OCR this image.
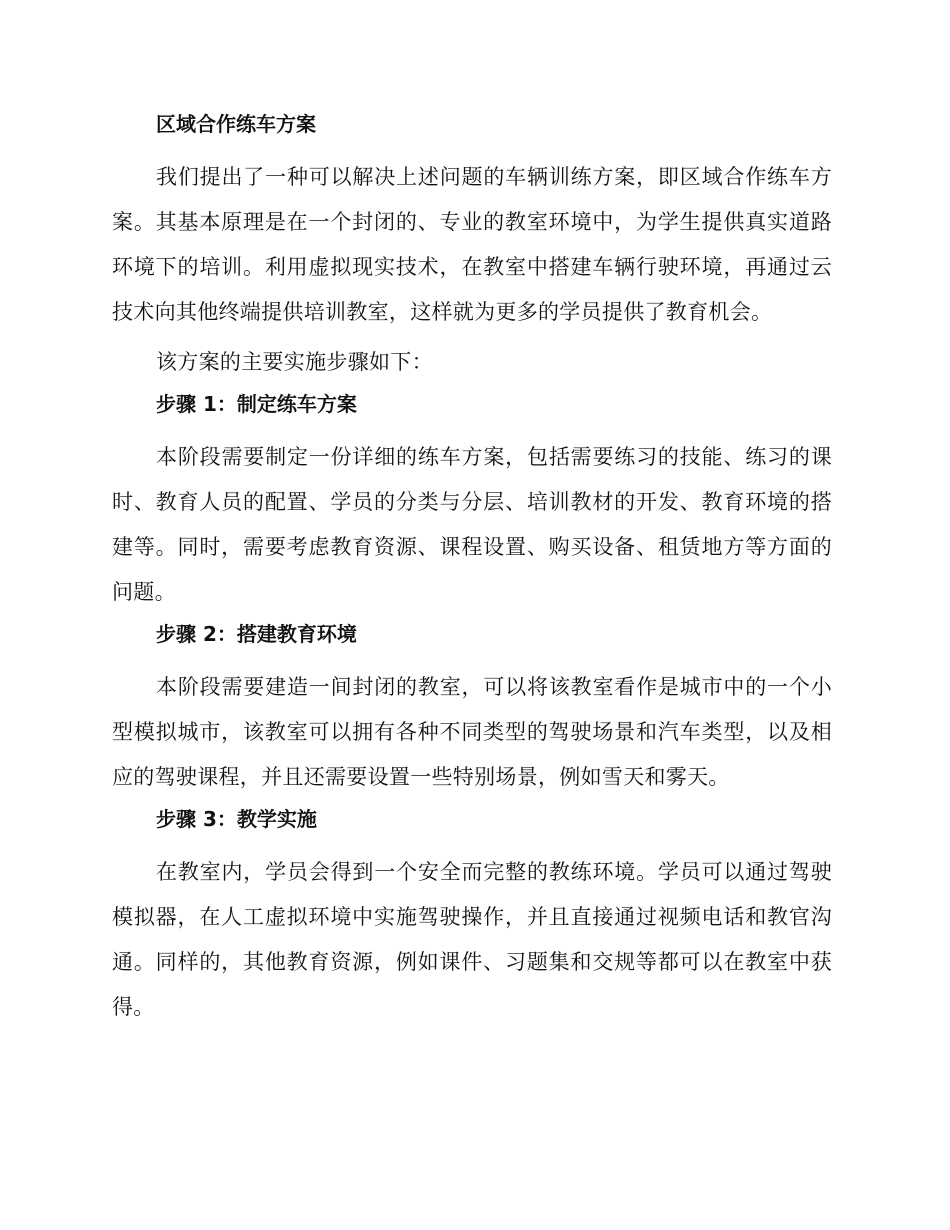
区域合作练车方案

我们提出了一种可以解决上述问题的车辆训练方案，即区域合作练车方案。其基本原理是在一个封闭的、专业的教室环境中，为学生提供真实道路环境下的培训。利用虚拟现实技术，在教室中搭建车辆行驶环境，再通过云技术向其他终端提供培训教室，这样就为更多的学员提供了教育机会。

该方案的主要实施步骤如下：

步骤 1：制定练车方案

本阶段需要制定一份详细的练车方案，包括需要练习的技能、练习的课时、教育人员的配置、学员的分类与分层、培训教材的开发、教育环境的搭建等。同时，需要考虑教育资源、课程设置、购买设备、租赁地方等方面的问题。

步骤 2：搭建教育环境

本阶段需要建造一间封闭的教室，可以将该教室看作是城市中的一个小型模拟城市，该教室可以拥有各种不同类型的驾驶场景和汽车类型，以及相应的驾驶课程，并且还需要设置一些特别场景，例如雪天和雾天。

步骤 3：教学实施

在教室内，学员会得到一个安全而完整的教练环境。学员可以通过驾驶模拟器，在人工虚拟环境中实施驾驶操作，并且直接通过视频电话和教官沟通。同样的，其他教育资源，例如课件、习题集和交规等都可以在教室中获得。
